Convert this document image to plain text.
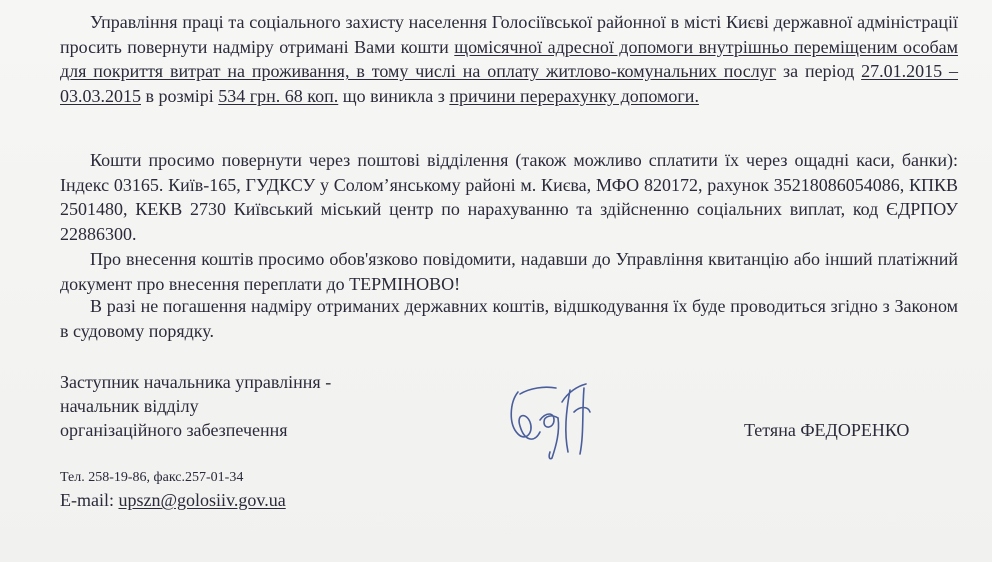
Управління праці та соціального захисту населення Голосіївської районної в місті Києві державної адміністрації просить повернути надміру отримані Вами кошти щомісячної адресної допомоги внутрішньо переміщеним особам для покриття витрат на проживання, в тому числі на оплату житлово-комунальних послуг за період 27.01.2015 – 03.03.2015 в розмірі 534 грн. 68 коп. що виникла з причини перерахунку допомоги.

Кошти просимо повернути через поштові відділення (також можливо сплатити їх через ощадні каси, банки): Індекс 03165. Київ-165, ГУДКСУ у Солом’янському районі м. Києва, МФО 820172, рахунок 35218086054086, КПКВ 2501480, КЕКВ 2730 Київський міський центр по нарахуванню та здійсненню соціальних виплат, код ЄДРПОУ 22886300.

Про внесення коштів просимо обов'язково повідомити, надавши до Управління квитанцію або інший платіжний документ про внесення переплати до ТЕРМІНОВО!

В разі не погашення надміру отриманих державних коштів, відшкодування їх буде проводиться згідно з Законом в судовому порядку.

Заступник начальника управління -
начальник відділу
організаційного забезпечення	Тетяна ФЕДОРЕНКО
Тел. 258-19-86, факс.257-01-34
E-mail: upszn@golosiiv.gov.ua
